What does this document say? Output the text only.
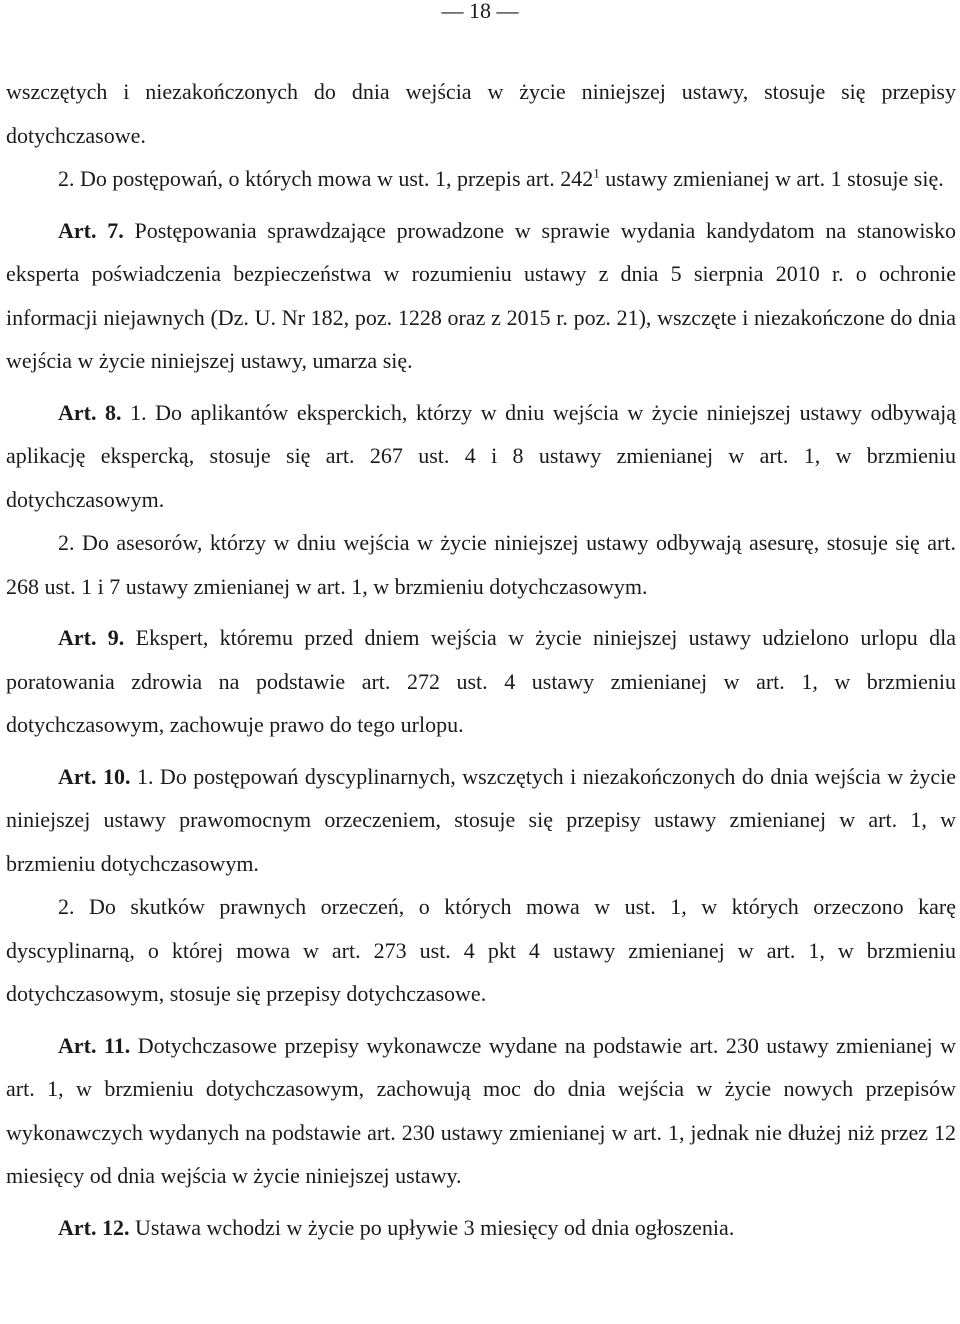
— 18 —

wszczętych i niezakończonych do dnia wejścia w życie niniejszej ustawy, stosuje się przepisy dotychczasowe.

2. Do postępowań, o których mowa w ust. 1, przepis art. $242^1$ ustawy zmienianej w art. 1 stosuje się.

Art. 7. Postępowania sprawdzające prowadzone w sprawie wydania kandydatom na stanowisko eksperta poświadczenia bezpieczeństwa w rozumieniu ustawy z dnia 5 sierpnia 2010 r. o ochronie informacji niejawnych (Dz. U. Nr 182, poz. 1228 oraz z 2015 r. poz. 21), wszczęte i niezakończone do dnia wejścia w życie niniejszej ustawy, umarza się.

Art. 8. 1. Do aplikantów eksperckich, którzy w dniu wejścia w życie niniejszej ustawy odbywają aplikację ekspercką, stosuje się art. 267 ust. 4 i 8 ustawy zmienianej w art. 1, w brzmieniu dotychczasowym.

2. Do asesorów, którzy w dniu wejścia w życie niniejszej ustawy odbywają asesurę, stosuje się art. 268 ust. 1 i 7 ustawy zmienianej w art. 1, w brzmieniu dotychczasowym.

Art. 9. Ekspert, któremu przed dniem wejścia w życie niniejszej ustawy udzielono urlopu dla poratowania zdrowia na podstawie art. 272 ust. 4 ustawy zmienianej w art. 1, w brzmieniu dotychczasowym, zachowuje prawo do tego urlopu.

Art. 10. 1. Do postępowań dyscyplinarnych, wszczętych i niezakończonych do dnia wejścia w życie niniejszej ustawy prawomocnym orzeczeniem, stosuje się przepisy ustawy zmienianej w art. 1, w brzmieniu dotychczasowym.

2. Do skutków prawnych orzeczeń, o których mowa w ust. 1, w których orzeczono karę dyscyplinarną, o której mowa w art. 273 ust. 4 pkt 4 ustawy zmienianej w art. 1, w brzmieniu dotychczasowym, stosuje się przepisy dotychczasowe.

Art. 11. Dotychczasowe przepisy wykonawcze wydane na podstawie art. 230 ustawy zmienianej w art. 1, w brzmieniu dotychczasowym, zachowują moc do dnia wejścia w życie nowych przepisów wykonawczych wydanych na podstawie art. 230 ustawy zmienianej w art. 1, jednak nie dłużej niż przez 12 miesięcy od dnia wejścia w życie niniejszej ustawy.

Art. 12. Ustawa wchodzi w życie po upływie 3 miesięcy od dnia ogłoszenia.
